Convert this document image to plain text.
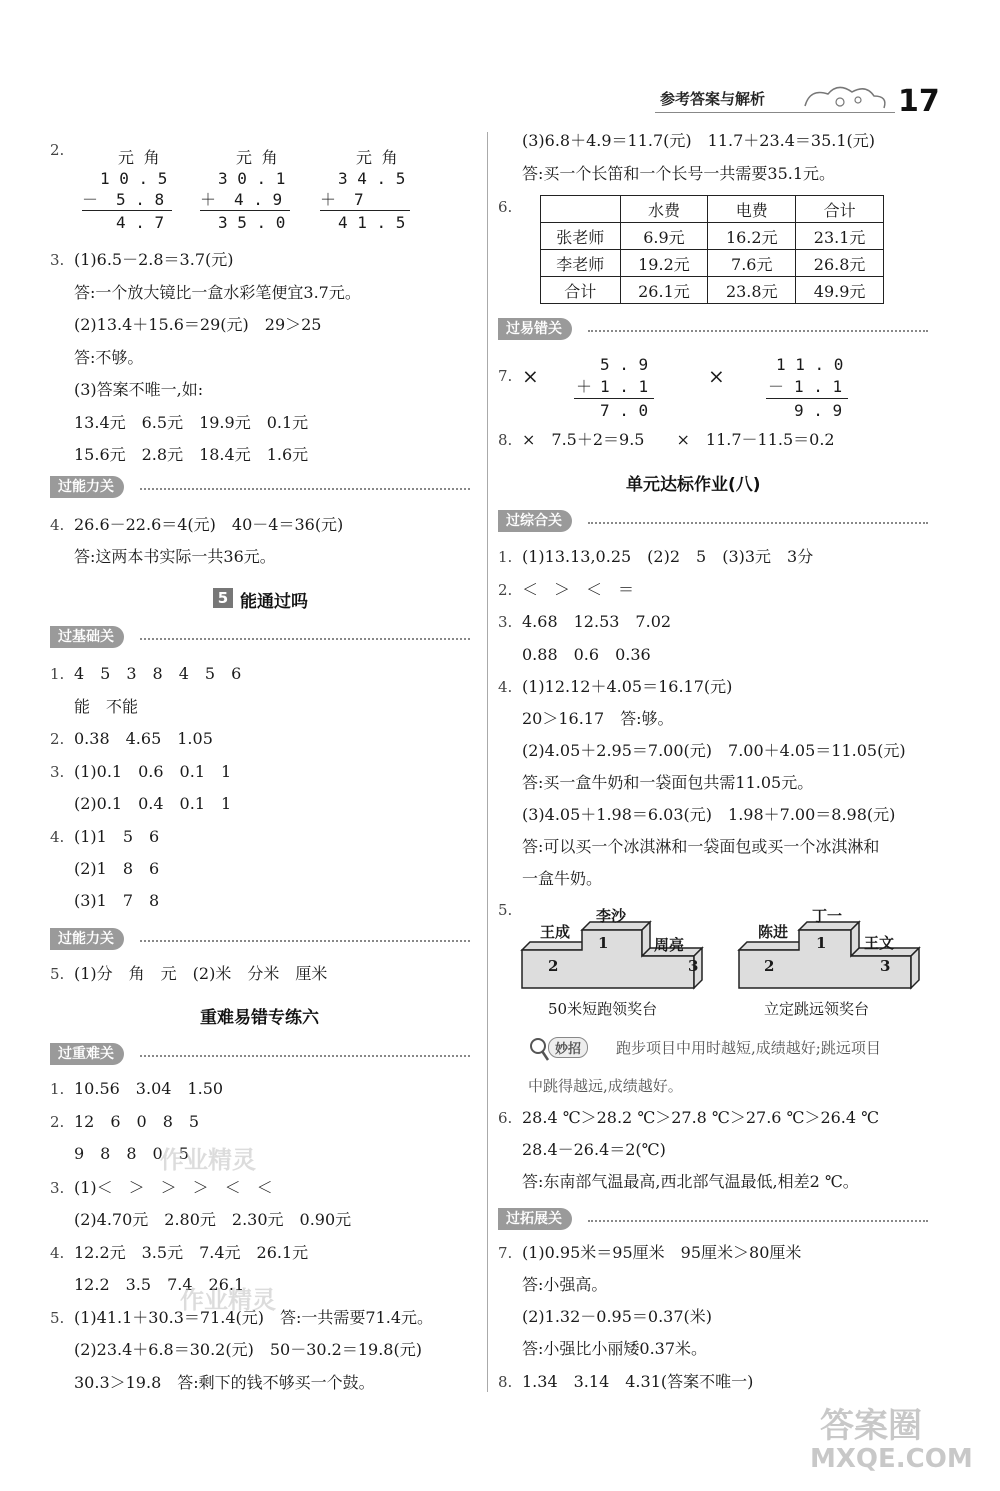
参考答案与解析	17
2.	元 角
1 0 . 5
－ 5 . 8
4 . 7
元 角
3 0 . 1
＋ 4 . 9
3 5 . 0
元 角
3 4 . 5
＋ 7
4 1 . 5
3. (1)6.5－2.8＝3.7(元)
答:一个放大镜比一盒水彩笔便宜3.7元。
(2)13.4＋15.6＝29(元)　29＞25
答:不够。
(3)答案不唯一,如:
13.4元　6.5元　19.9元　0.1元
15.6元　2.8元　18.4元　1.6元
过能力关
4. 26.6－22.6＝4(元)　40－4＝36(元)
答:这两本书实际一共36元。
5 能通过吗
过基础关
1. 4　5　3　8　4　5　6
能　不能
2. 0.38　4.65　1.05
3. (1)0.1　0.6　0.1　1
(2)0.1　0.4　0.1　1
4. (1)1　5　6
(2)1　8　6
(3)1　7　8
过能力关
5. (1)分　角　元　(2)米　分米　厘米
重难易错专练六
过重难关
1. 10.56　3.04　1.50
2. 12　6　0　8　5
9　8　8　0　5
3. (1)＜　＞　＞　＞　＜　＜
(2)4.70元　2.80元　2.30元　0.90元
4. 12.2元　3.5元　7.4元　26.1元
12.2　3.5　7.4　26.1
5. (1)41.1＋30.3＝71.4(元)　答:一共需要71.4元。
(2)23.4＋6.8＝30.2(元)　50－30.2＝19.8(元)
30.3＞19.8　答:剩下的钱不够买一个鼓。
(3)6.8＋4.9＝11.7(元)　11.7＋23.4＝35.1(元)
答:买一个长笛和一个长号一共需要35.1元。
6.
		水费	电费	合计
张老师	6.9元	16.2元	23.1元
李老师	19.2元	7.6元	26.8元
合计	26.1元	23.8元	49.9元
过易错关
7. ×	5 . 9
＋ 1 . 1
7 . 0
×	1 1 . 0
－ 1 . 1
9 . 9
8. ×　7.5＋2＝9.5　　×　11.7－11.5＝0.2
单元达标作业(八)
过综合关
1. (1)13.13,0.25　(2)2　5　(3)3元　3分
2. ＜　＞　＜　＝
3. 4.68　12.53　7.02
0.88　0.6　0.36
4. (1)12.12＋4.05＝16.17(元)
20＞16.17　答:够。
(2)4.05＋2.95＝7.00(元)　7.00＋4.05＝11.05(元)
答:买一盒牛奶和一袋面包共需11.05元。
(3)4.05＋1.98＝6.03(元)　1.98＋7.00＝8.98(元)
答:可以买一个冰淇淋和一袋面包或买一个冰淇淋和
一盒牛奶。
5.	李沙
王成
周亮
1
2	3
50米短跑领奖台
丁一
陈进
王文
1
2	3
立定跳远领奖台
妙招	跑步项目中用时越短,成绩越好;跳远项目
中跳得越远,成绩越好。
6. 28.4 ℃＞28.2 ℃＞27.8 ℃＞27.6 ℃＞26.4 ℃
28.4－26.4＝2(℃)
答:东南部气温最高,西北部气温最低,相差2 ℃。
过拓展关
7. (1)0.95米＝95厘米　95厘米＞80厘米
答:小强高。
(2)1.32－0.95＝0.37(米)
答:小强比小丽矮0.37米。
8. 1.34　3.14　4.31(答案不唯一)
作业精灵
作业精灵
答案圈
MXQE.COM
